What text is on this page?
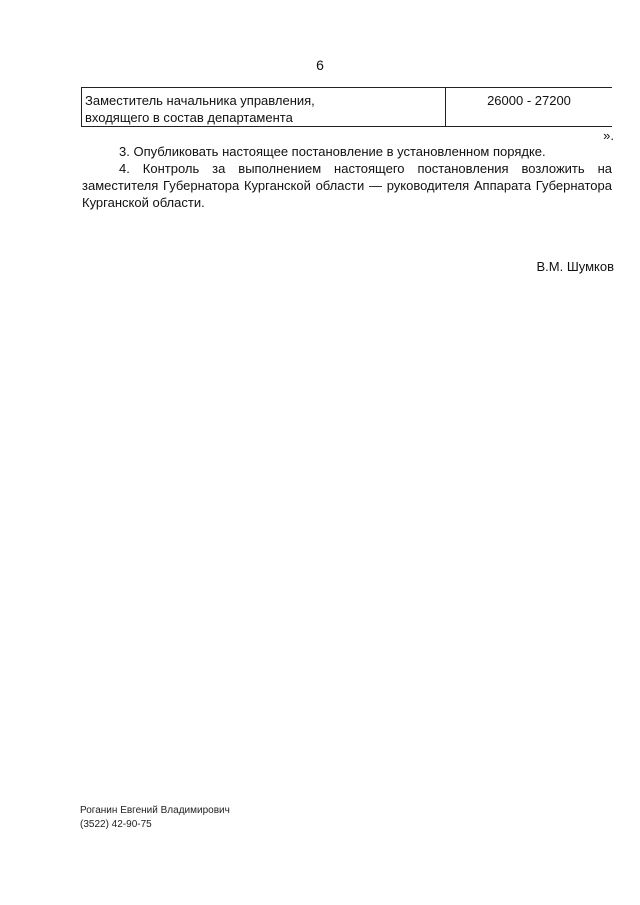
6
Заместитель начальника управления,
входящего в состав департамента
26000 - 27200
».

3. Опубликовать настоящее постановление в установленном порядке.

4. Контроль за выполнением настоящего постановления возложить на заместителя Губернатора Курганской области — руководителя Аппарата Губернатора Курганской области.

В.М. Шумков
Роганин Евгений Владимирович
(3522) 42-90-75
